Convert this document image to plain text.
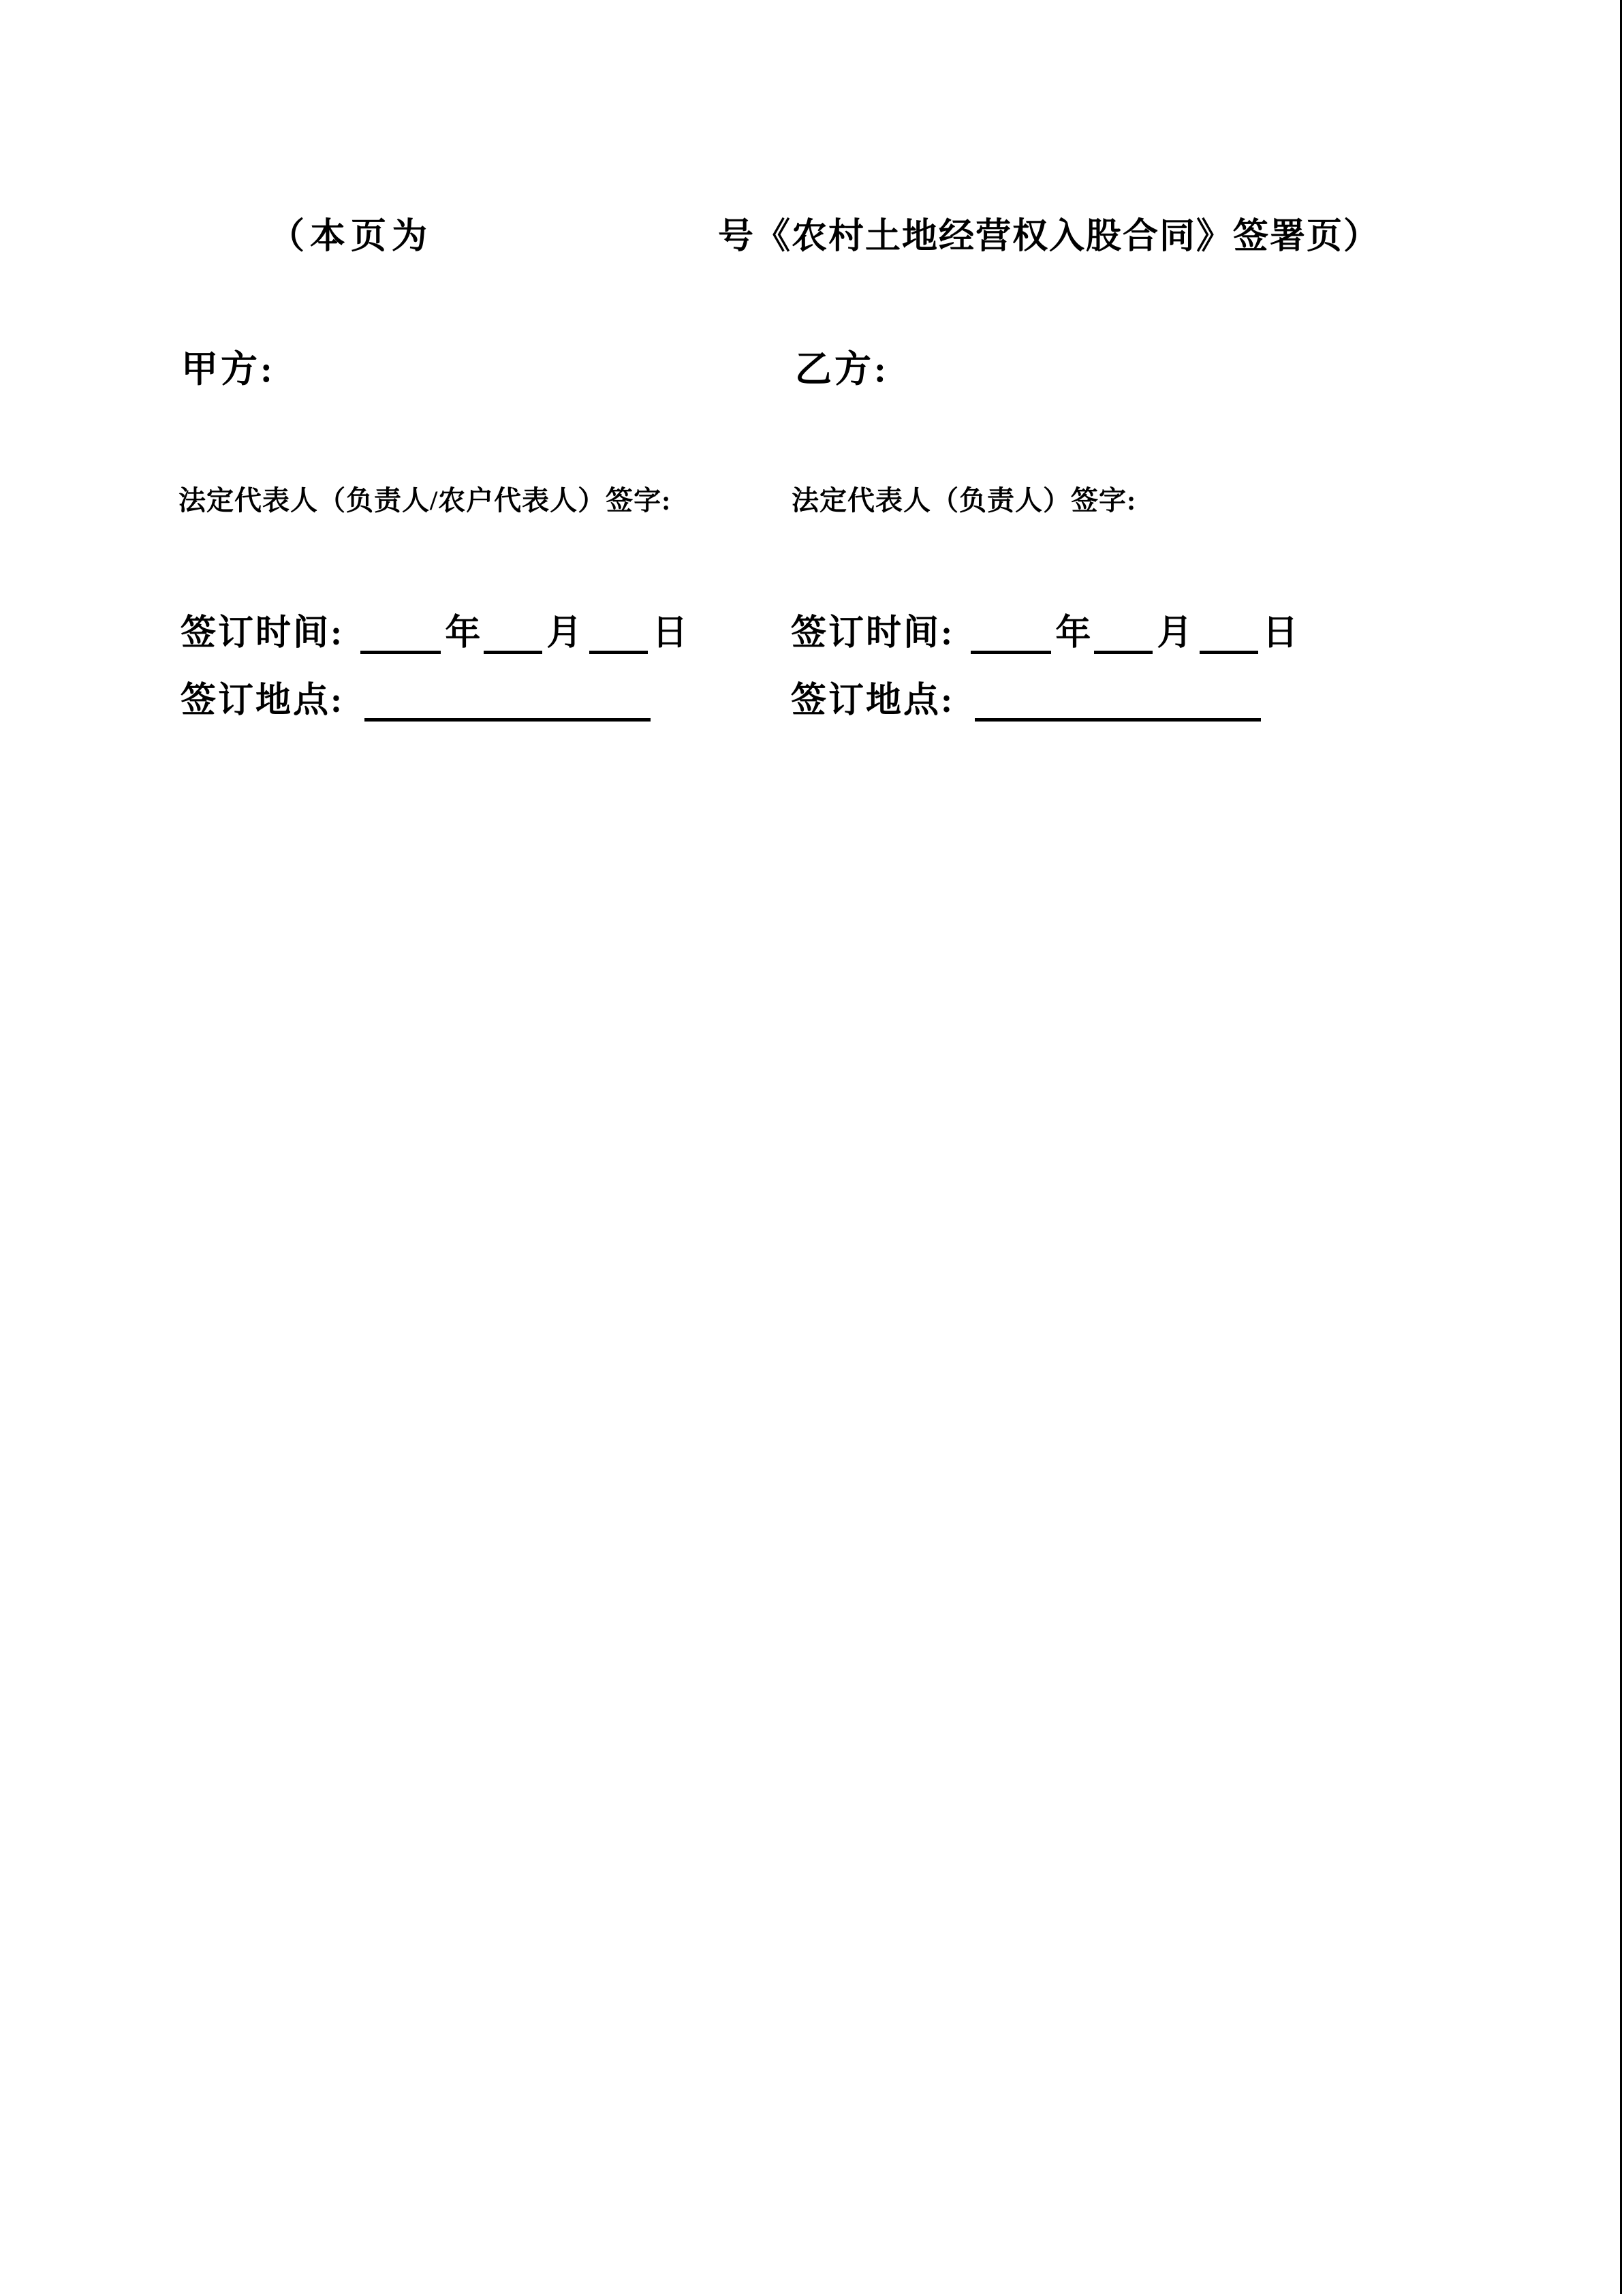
（本页为	号《农村土地经营权入股合同》签署页）
甲方:	乙方:
法定代表人（负责人/农户代表人）签字:	法定代表人（负责人）签字:
签订时间:	年 月 日	签订时间:	年 月 日
签订地点:	签订地点:
